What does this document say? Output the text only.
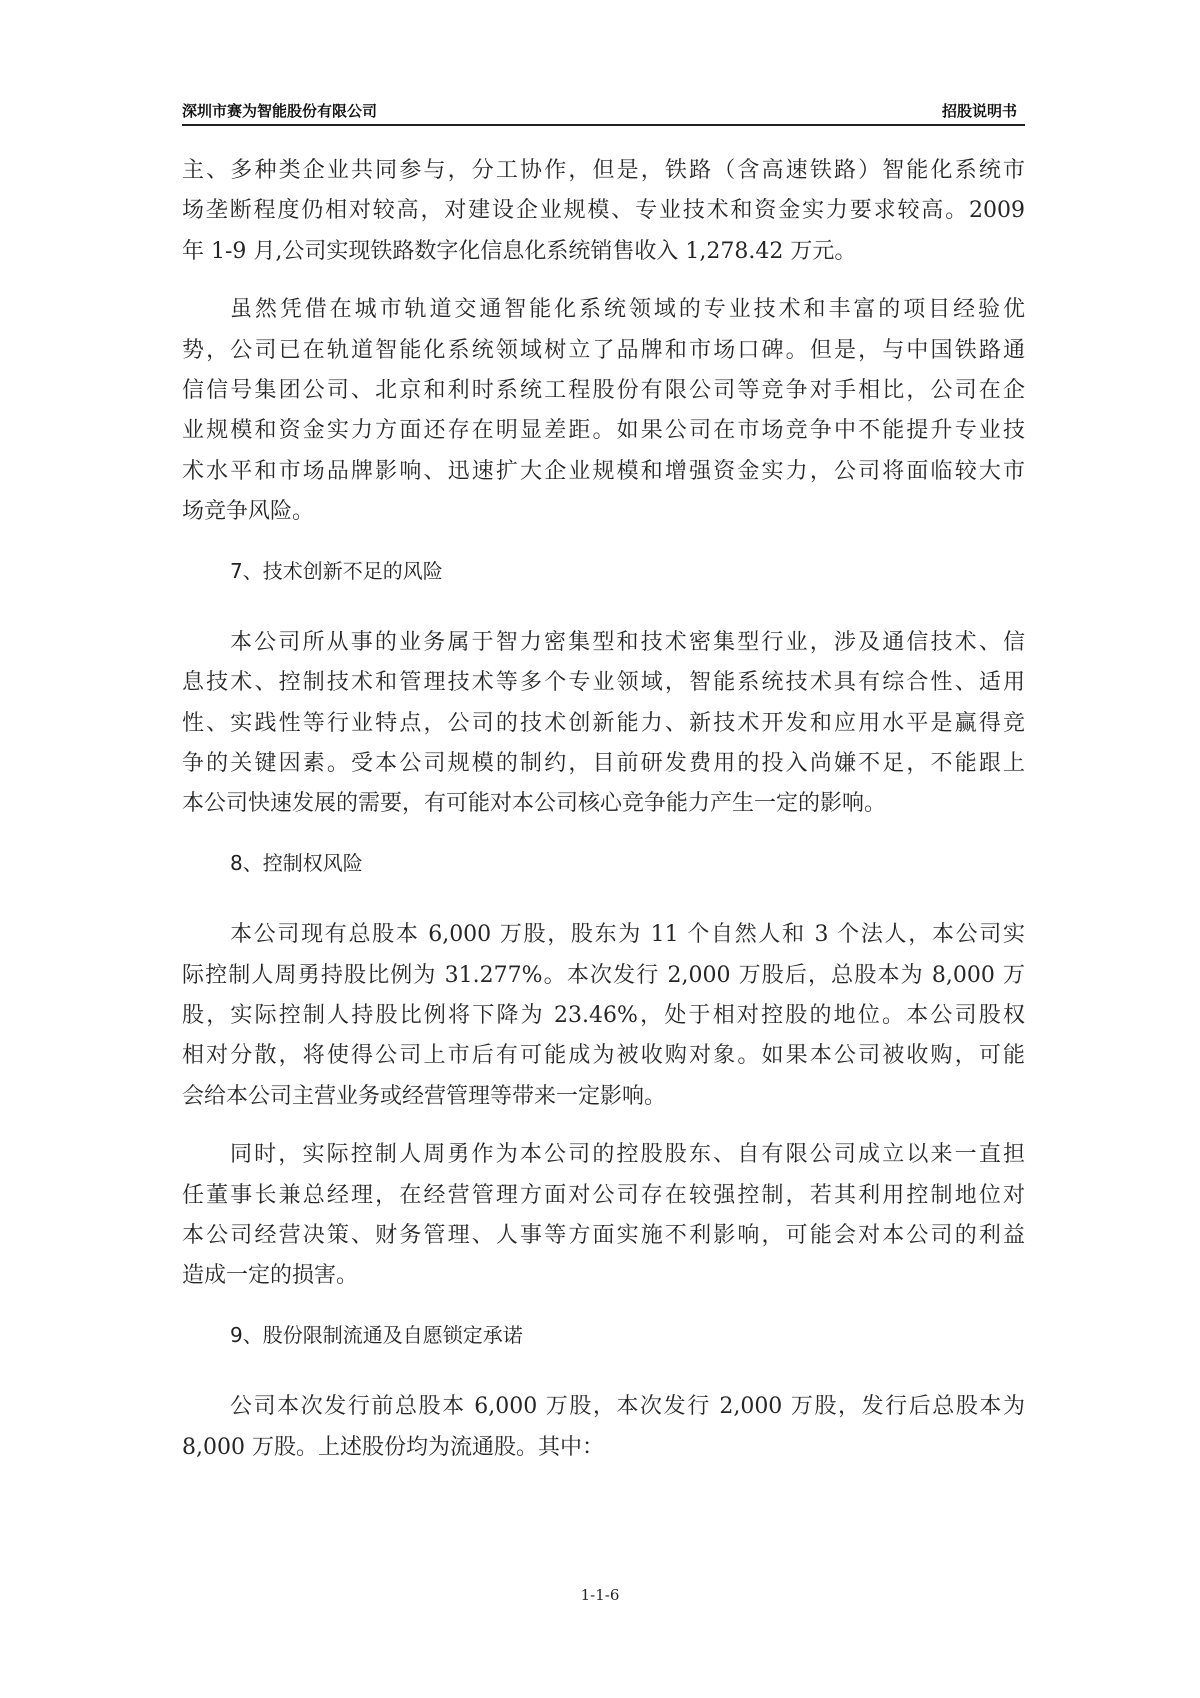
深圳市赛为智能股份有限公司	招股说明书
主、多种类企业共同参与，分工协作，但是，铁路（含高速铁路）智能化系统市
场垄断程度仍相对较高，对建设企业规模、专业技术和资金实力要求较高。2009
年 1-9 月,公司实现铁路数字化信息化系统销售收入 1,278.42 万元。
虽然凭借在城市轨道交通智能化系统领域的专业技术和丰富的项目经验优
势，公司已在轨道智能化系统领域树立了品牌和市场口碑。但是，与中国铁路通
信信号集团公司、北京和利时系统工程股份有限公司等竞争对手相比，公司在企
业规模和资金实力方面还存在明显差距。如果公司在市场竞争中不能提升专业技
术水平和市场品牌影响、迅速扩大企业规模和增强资金实力，公司将面临较大市
场竞争风险。
7、技术创新不足的风险
本公司所从事的业务属于智力密集型和技术密集型行业，涉及通信技术、信
息技术、控制技术和管理技术等多个专业领域，智能系统技术具有综合性、适用
性、实践性等行业特点，公司的技术创新能力、新技术开发和应用水平是赢得竞
争的关键因素。受本公司规模的制约，目前研发费用的投入尚嫌不足，不能跟上
本公司快速发展的需要，有可能对本公司核心竞争能力产生一定的影响。
8、控制权风险
本公司现有总股本 6,000 万股，股东为 11 个自然人和 3 个法人，本公司实
际控制人周勇持股比例为 31.277%。本次发行 2,000 万股后，总股本为 8,000 万
股，实际控制人持股比例将下降为 23.46%，处于相对控股的地位。本公司股权
相对分散，将使得公司上市后有可能成为被收购对象。如果本公司被收购，可能
会给本公司主营业务或经营管理等带来一定影响。
同时，实际控制人周勇作为本公司的控股股东、自有限公司成立以来一直担
任董事长兼总经理，在经营管理方面对公司存在较强控制，若其利用控制地位对
本公司经营决策、财务管理、人事等方面实施不利影响，可能会对本公司的利益
造成一定的损害。
9、股份限制流通及自愿锁定承诺
公司本次发行前总股本 6,000 万股，本次发行 2,000 万股，发行后总股本为
8,000 万股。上述股份均为流通股。其中：
1-1-6
